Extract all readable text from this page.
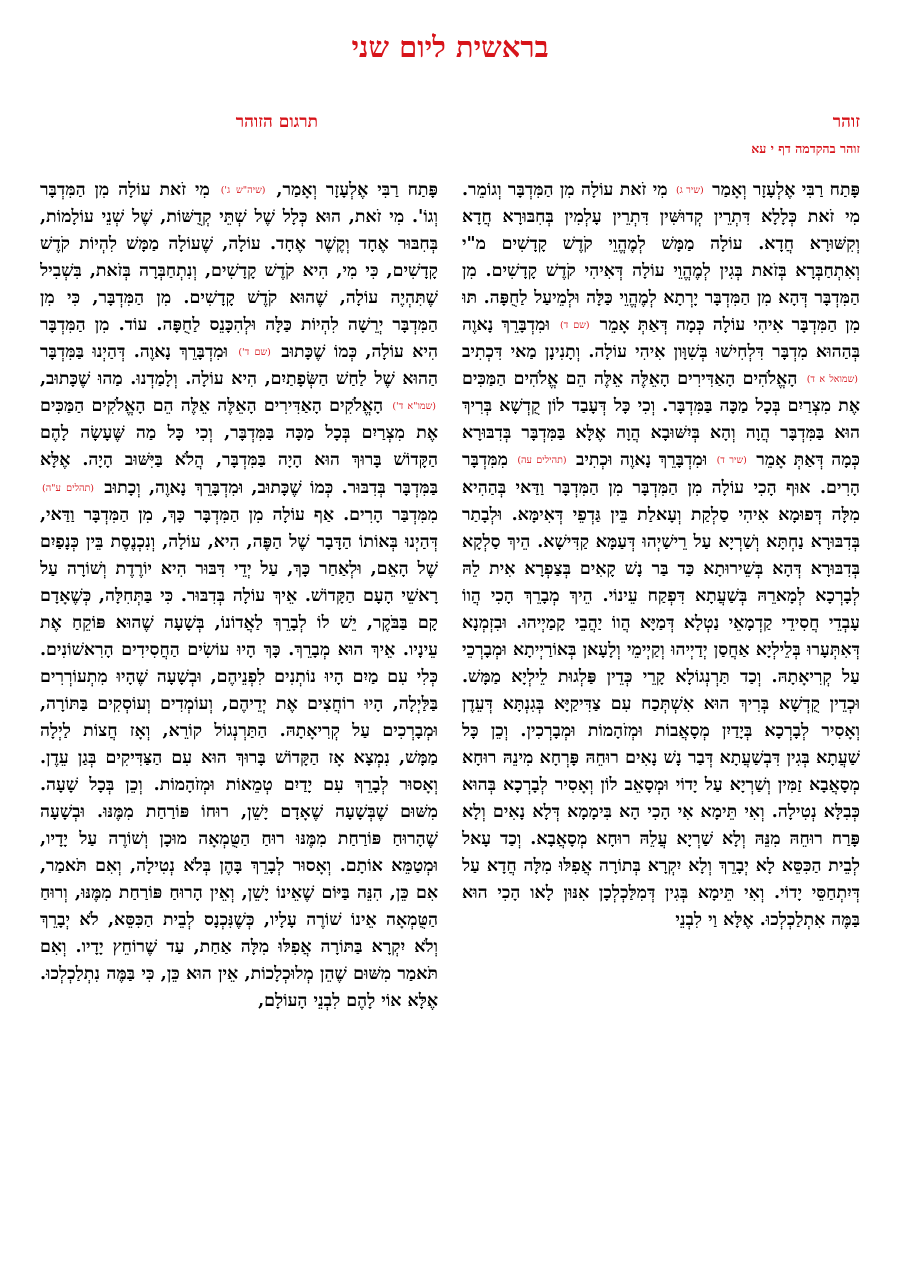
בראשית ליום שני
זוהר
תרגום הזוהר
זוהר בהקדמה דף י עא

פָּתַח רַבִּי אֶלְעָזָר וְאָמַר (שיר ג) מִי זֹאת עוֹלָה מִן הַמִּדְבָּר וְגוֹמֵר. מִי זֹאת כְּלָלָא דִּתְרֵין קְדוּשִּׁין דִּתְרֵין עָלְמִין בְּחִבּוּרָא חֲדָא וְקִשּׁוּרָא חֲדָא. עוֹלָה מַמָּשׁ לְמֶהֱוֵי קֹדֶשׁ קָדָשִׁים מ"י וְאִתְחַבְּרָא בְּזֹאת בְּגִין לְמֶהֱוֵי עוֹלָה דְּאִיהִי קֹדֶשׁ קָדָשִׁים. מִן הַמִּדְבָּר דְּהָא מִן הַמִּדְבָּר יָרְתָא לְמֶהֱוֵי כַּלָּה וּלְמֵיעַל לַחֻפָּה. תּוּ מִן הַמִּדְבָּר אִיהִי עוֹלָה כְּמָה דְּאַתְּ אָמֵר (שם ד) וּמִדְבָּרֵךְ נָאוֶה בְּהַהוּא מִדְבָּר דִּלְחִישׁוּ בְּשִׁוָּון אִיהִי עוֹלָה. וְתָנִינָן מַאי דִּכְתִיב (שמואל א ד) הָאֱלֹהִים הָאַדִּירִים הָאֵלֶּה אֵלֶּה הֵם אֱלֹהִים הַמַּכִּים אֶת מִצְרַיִם בְּכָל מַכָּה בַּמִּדְבָּר. וְכִי כָּל דְּעָבַד לוֹן קֻדְשָׁא בְּרִיךְ הוּא בַּמִּדְבָּר הֲוָה וְהָא בְּיִשּׁוּבָא הֲוָה אֶלָּא בַּמִּדְבָּר בְּדִבּוּרָא כְּמָה דְּאַתְּ אָמֵר (שיר ד) וּמִדְבָּרֵךְ נָאוֶה וּכְתִיב (תהילים עה) מִמִּדְבָּר הָרִים. אוּף הָכִי עוֹלָה מִן הַמִּדְבָּר מִן הַמִּדְבָּר וַדַּאי בְּהַהִיא מִלָּה דְּפוּמָא אִיהִי סַלְקַת וְעָאלַת בֵּין גַּדְפֵי דְּאִימָּא. וּלְבָתַר בְּדִבּוּרָא נַחְתָּא וְשַׁרְיָא עַל רֵישַׁיְהוּ דְּעַמָּא קַדִּישָׁא. הֵיךְ סַלְקָא בְּדִבּוּרָא דְּהָא בְּשֵׁירוּתָא כַּד בַּר נָשׁ קָאִים בְּצַפְרָא אִית לֵהּ לְבָרְכָא לְמָארֵהּ בְּשַׁעֲתָא דִּפְקַח עֵינוֹי. הֵיךְ מְבָרֵךְ הָכִי הֲווֹ עָבְדֵי חֲסִידֵי קַדְמָאֵי נַטְלָא דְּמַיָּא הֲווֹ יַהֲבֵי קָמַיְיהוּ. וּבִזְמְנָא דְּאִתְּעָרוּ בְּלֵילְיָא אַחֲסַן יְדַיְיהוּ וְקַיְימֵי וְלָעָאן בְּאוֹרַיְיתָא וּמְבָרְכֵי עַל קְרִיאָתָהּ. וְכַד תַּרְנְגוֹלָא קָרֵי כְּדֵין פַּלְגוּת לֵילְיָא מַמָּשׁ. וּכְדֵין קֻדְשָׁא בְּרִיךְ הוּא אִשְׁתְּכַח עִם צַדִּיקַיָּא בְּגִנְתָּא דְּעֵדֶן וְאָסִיר לְבָרְכָא בְּיָדַיִן מְסָאֲבוֹת וּמְזֹהָמוֹת וּמְבָרְכִין. וְכֵן כָּל שַׁעֲתָא בְּגִין דִּבְשַׁעֲתָא דְּבַר נָשׁ נָאִים רוּחֵהּ פָּרְחָא מִינֵהּ רוּחָא מְסָאֲבָא זַמִּין וְשַׁרְיָא עַל יָדוֹי וּמְסָאֵב לוֹן וְאָסִיר לְבָרְכָא בְּהוּא כְּבִלָּא נְטִילָה. וְאִי תֵּימָא אִי הָכִי הָא בִּימָמָא דְּלָא נָאִים וְלָא פָּרַח רוּחֵהּ מִנֵּהּ וְלָא שַׁרְיָא עֲלֵהּ רוּחָא מְסָאֲבָא. וְכַד עָאל לְבֵית הַכִּסֵּא לָא יְבָרֵךְ וְלָא יִקְרָא בְּתוֹרָה אֲפִלּוּ מִלָּה חֲדָא עַל דְּיִתְחַסֵּי יָדוֹי. וְאִי תֵּימָא בְּגִין דְּמִלַּכְלְכָן אִנּוּן לָאו הָכִי הוּא בַּמֶּה אִתְלַכְלְכוּ. אֶלָּא וַי לִבְנֵי

פָּתַח רַבִּי אֶלְעָזָר וְאָמַר, (שיה"ש ג') מִי זֹאת עוֹלָה מִן הַמִּדְבָּר וְגוֹ'. מִי זֹאת, הוּא כְּלָל שֶׁל שְׁתֵּי קְדֻשּׁוֹת, שֶׁל שְׁנֵי עוֹלָמוֹת, בְּחִבּוּר אֶחָד וְקֶשֶׁר אֶחָד. עוֹלָה, שֶׁעוֹלָה מַמָּשׁ לִהְיוֹת קֹדֶשׁ קָדָשִׁים, כִּי מִי, הִיא קֹדֶשׁ קָדָשִׁים, וְנִתְחַבְּרָה בְּזֹאת, בִּשְׁבִיל שֶׁתִּהְיֶה עוֹלָה, שֶׁהוּא קֹדֶשׁ קָדָשִׁים. מִן הַמִּדְבָּר, כִּי מִן הַמִּדְבָּר יְרֵשָׁה לִהְיוֹת כַּלָּה וּלְהִכָּנֵס לַחֻפָּה. עוֹד. מִן הַמִּדְבָּר הִיא עוֹלָה, כְּמוֹ שֶׁכָּתוּב (שם ד') וּמִדְבָּרֵךְ נָאוֶה. דְּהַיְנוּ בַּמִּדְבָּר הַהוּא שֶׁל לַחַשׁ הַשְּׂפָתַיִם, הִיא עוֹלָה. וְלָמַדְנוּ. מַהוּ שֶׁכָּתוּב, (שמו"א ד') הָאֱלֹקִים הָאַדִּירִים הָאֵלֶּה אֵלֶּה הֵם הָאֱלֹקִים הַמַּכִּים אֶת מִצְרַיִם בְּכָל מַכָּה בַּמִּדְבָּר, וְכִי כָּל מַה שֶּׁעָשָׂה לָהֶם הַקָּדוֹשׁ בָּרוּךְ הוּא הָיָה בַּמִּדְבָּר, הֲלֹא בַּיִּשּׁוּב הָיָה. אֶלָּא בַּמִּדְבָּר בְּדִבּוּר. כְּמוֹ שֶׁכָּתוּב, וּמִדְבָּרֵךְ נָאוֶה, וְכָתוּב (תהלים ע"ה) מִמִּדְבַּר הָרִים. אַף עוֹלָה מִן הַמִּדְבָּר כָּךְ, מִן הַמִּדְבָּר וַדַּאי, דְּהַיְנוּ בְּאוֹתוֹ הַדָּבָר שֶׁל הַפֶּה, הִיא, עוֹלָה, וְנִכְנֶסֶת בֵּין כְּנָפַיִם שֶׁל הָאֵם, וּלְאַחַר כָּךְ, עַל יְדֵי דִּבּוּר הִיא יוֹרֶדֶת וְשׁוֹרָה עַל רָאשֵׁי הָעָם הַקָּדוֹשׁ. אֵיךְ עוֹלָה בְּדִבּוּר. כִּי בַּתְּחִלָּה, כְּשֶׁאָדָם קָם בַּבֹּקֶר, יֵשׁ לוֹ לְבָרֵךְ לַאֲדוֹנוֹ, בְּשָׁעָה שֶׁהוּא פּוֹקֵחַ אֶת עֵינָיו. אֵיךְ הוּא מְבָרֵךְ. כָּךְ הָיוּ עוֹשִׂים הַחֲסִידִים הָרִאשׁוֹנִים. כְּלִי עִם מַיִם הָיוּ נוֹתְנִים לִפְנֵיהֶם, וּבְשָׁעָה שֶׁהָיוּ מִתְעוֹרְרִים בַּלַּיְלָה, הָיוּ רוֹחֲצִים אֶת יְדֵיהֶם, וְעוֹמְדִים וְעוֹסְקִים בַּתּוֹרָה, וּמְבָרְכִים עַל קְרִיאָתָהּ. הַתַּרְנְגוֹל קוֹרֵא, וְאָז חֲצוֹת לַיְלָה מַמָּשׁ, נִמְצָא אָז הַקָּדוֹשׁ בָּרוּךְ הוּא עִם הַצַּדִּיקִים בְּגַן עֵדֶן. וְאָסוּר לְבָרֵךְ עִם יָדַיִם טְמֵאוֹת וּמְזֹהָמוֹת. וְכֵן בְּכָל שָׁעָה. מִשּׁוּם שֶׁבְּשָׁעָה שֶׁאָדָם יָשֵׁן, רוּחוֹ פּוֹרַחַת מִמֶּנּוּ. וּבְשָׁעָה שֶׁהָרוּחַ פּוֹרַחַת מִמֶּנּוּ רוּחַ הַטֻּמְאָה מוּכָן וְשׁוֹרֶה עַל יָדָיו, וּמְטַמֵּא אוֹתָם. וְאָסוּר לְבָרֵךְ בָּהֶן בְּלֹא נְטִילָה, וְאִם תֹּאמַר, אִם כֵּן, הִנֵּה בַּיּוֹם שֶׁאֵינוֹ יָשֵׁן, וְאֵין הָרוּחַ פּוֹרַחַת מִמֶּנּוּ, וְרוּחַ הַטֻּמְאָה אֵינוֹ שׁוֹרֶה עָלָיו, כְּשֶׁנִּכְנָס לְבֵית הַכִּסֵּא, לֹא יְבָרֵךְ וְלֹא יִקְרָא בַּתּוֹרָה אֲפִלּוּ מִלָּה אַחַת, עַד שֶׁרוֹחֵץ יָדָיו. וְאִם תֹּאמַר מִשּׁוּם שֶׁהֵן מְלוּכְלָכוֹת, אֵין הוּא כֵּן, כִּי בַּמֶּה נִתְלַכְלְכוּ. אֶלָּא אוֹי לָהֶם לִבְנֵי הָעוֹלָם,
